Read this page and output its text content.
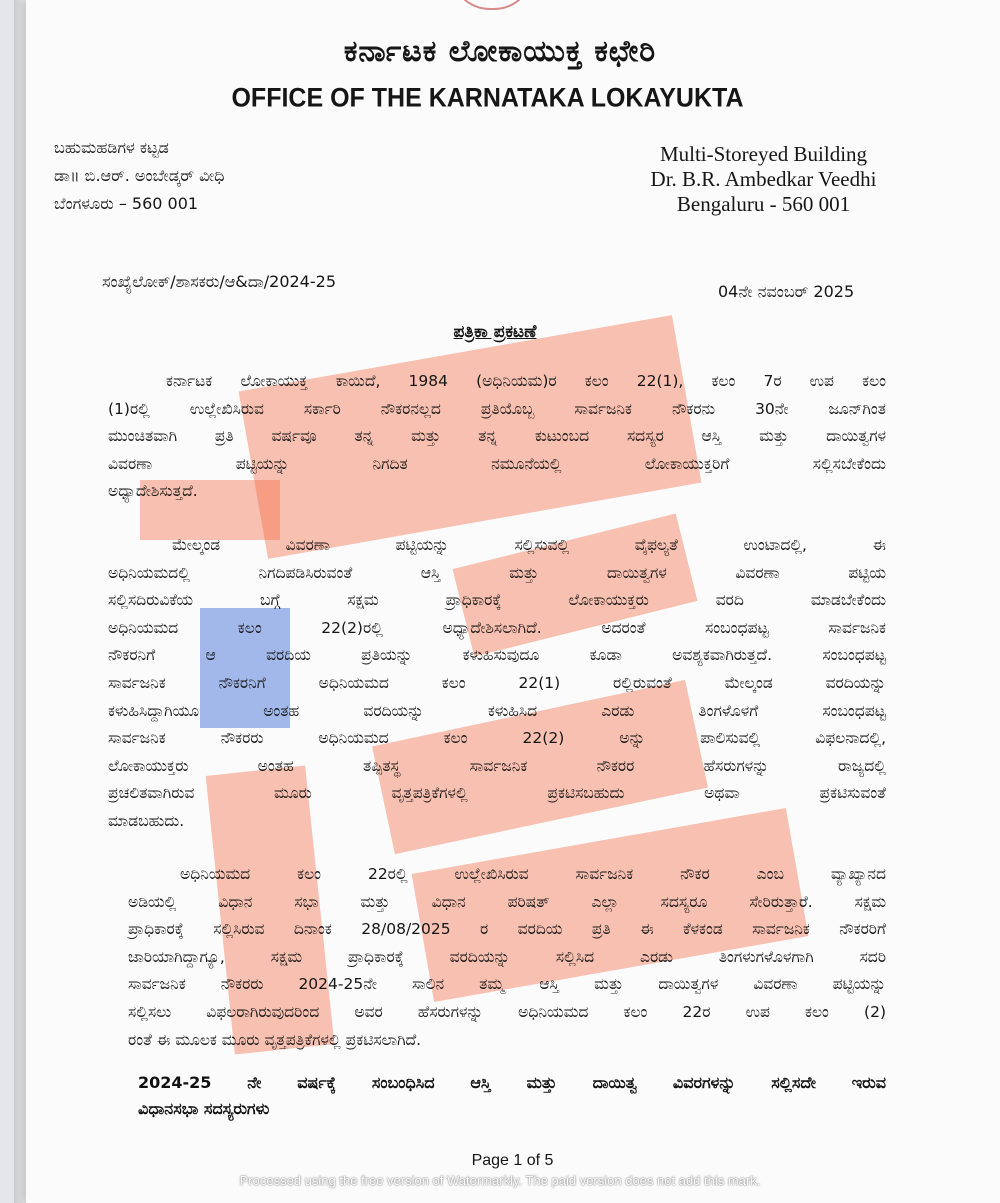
ಕರ್ನಾಟಕ ಲೋಕಾಯುಕ್ತ ಕಛೇರಿ
OFFICE OF THE KARNATAKA LOKAYUKTA
ಬಹುಮಹಡಿಗಳ ಕಟ್ಟಡ
ಡಾ॥ ಬಿ.ಆರ್. ಅಂಬೇಡ್ಕರ್ ವೀಧಿ
ಬೆಂಗಳೂರು – 560 001
Multi-Storeyed Building
Dr. B.R. Ambedkar Veedhi
Bengaluru - 560 001
ಸಂಖ್ಯೆಲೋಕ್/ಶಾಸಕರು/ಆ&ದಾ/2024-25
04ನೇ ನವಂಬರ್ 2025
ಪತ್ರಿಕಾ ಪ್ರಕಟಣೆ
ಕರ್ನಾಟಕ ಲೋಕಾಯುಕ್ತ ಕಾಯಿದೆ, 1984 (ಅಧಿನಿಯಮ)ರ ಕಲಂ 22(1), ಕಲಂ 7ರ ಉಪ ಕಲಂ
(1)ರಲ್ಲಿ ಉಲ್ಲೇಖಿಸಿರುವ ಸರ್ಕಾರಿ ನೌಕರನಲ್ಲದ ಪ್ರತಿಯೊಬ್ಬ ಸಾರ್ವಜನಿಕ ನೌಕರನು 30ನೇ ಜೂನ್‌ಗಿಂತ
ಮುಂಚಿತವಾಗಿ ಪ್ರತಿ ವರ್ಷವೂ ತನ್ನ ಮತ್ತು ತನ್ನ ಕುಟುಂಬದ ಸದಸ್ಯರ ಆಸ್ತಿ ಮತ್ತು ದಾಯಿತ್ವಗಳ
ವಿವರಣಾ ಪಟ್ಟಿಯನ್ನು ನಿಗದಿತ ನಮೂನೆಯಲ್ಲಿ ಲೋಕಾಯುಕ್ತರಿಗೆ ಸಲ್ಲಿಸಬೇಕೆಂದು
ಅಧ್ಯಾದೇಶಿಸುತ್ತದೆ.
ಮೇಲ್ಕಂಡ ವಿವರಣಾ ಪಟ್ಟಿಯನ್ನು ಸಲ್ಲಿಸುವಲ್ಲಿ ವೈಫಲ್ಯತೆ ಉಂಟಾದಲ್ಲಿ, ಈ
ಅಧಿನಿಯಮದಲ್ಲಿ ನಿಗದಿಪಡಿಸಿರುವಂತೆ ಆಸ್ತಿ ಮತ್ತು ದಾಯಿತ್ವಗಳ ವಿವರಣಾ ಪಟ್ಟಿಯ
ಸಲ್ಲಿಸದಿರುವಿಕೆಯ ಬಗ್ಗೆ ಸಕ್ಷಮ ಪ್ರಾಧಿಕಾರಕ್ಕೆ ಲೋಕಾಯುಕ್ತರು ವರದಿ ಮಾಡಬೇಕೆಂದು
ಅಧಿನಿಯಮದ ಕಲಂ 22(2)ರಲ್ಲಿ ಅಧ್ಯಾದೇಶಿಸಲಾಗಿದೆ. ಅದರಂತೆ ಸಂಬಂಧಪಟ್ಟ ಸಾರ್ವಜನಿಕ
ನೌಕರನಿಗೆ ಆ ವರದಿಯ ಪ್ರತಿಯನ್ನು ಕಳುಹಿಸುವುದೂ ಕೂಡಾ ಅವಶ್ಯಕವಾಗಿರುತ್ತದೆ. ಸಂಬಂಧಪಟ್ಟ
ಸಾರ್ವಜನಿಕ ನೌಕರನಿಗೆ ಅಧಿನಿಯಮದ ಕಲಂ 22(1) ರಲ್ಲಿರುವಂತೆ ಮೇಲ್ಕಂಡ ವರದಿಯನ್ನು
ಕಳುಹಿಸಿದ್ದಾಗಿಯೂ ಅಂತಹ ವರದಿಯನ್ನು ಕಳುಹಿಸಿದ ಎರಡು ತಿಂಗಳೊಳಗೆ ಸಂಬಂಧಪಟ್ಟ
ಸಾರ್ವಜನಿಕ ನೌಕರರು ಅಧಿನಿಯಮದ ಕಲಂ 22(2) ಅನ್ನು ಪಾಲಿಸುವಲ್ಲಿ ವಿಫಲನಾದಲ್ಲಿ,
ಲೋಕಾಯುಕ್ತರು ಅಂತಹ ತಪ್ಪಿತಸ್ಥ ಸಾರ್ವಜನಿಕ ನೌಕರರ ಹೆಸರುಗಳನ್ನು ರಾಜ್ಯದಲ್ಲಿ
ಪ್ರಚಲಿತವಾಗಿರುವ ಮೂರು ವೃತ್ತಪತ್ರಿಕೆಗಳಲ್ಲಿ ಪ್ರಕಟಿಸಬಹುದು ಅಥವಾ ಪ್ರಕಟಿಸುವಂತೆ
ಮಾಡಬಹುದು.
ಅಧಿನಿಯಮದ ಕಲಂ 22ರಲ್ಲಿ ಉಲ್ಲೇಖಿಸಿರುವ ಸಾರ್ವಜನಿಕ ನೌಕರ ಎಂಬ ವ್ಯಾಖ್ಯಾನದ
ಅಡಿಯಲ್ಲಿ ವಿಧಾನ ಸಭಾ ಮತ್ತು ವಿಧಾನ ಪರಿಷತ್ ಎಲ್ಲಾ ಸದಸ್ಯರೂ ಸೇರಿರುತ್ತಾರೆ. ಸಕ್ಷಮ
ಪ್ರಾಧಿಕಾರಕ್ಕೆ ಸಲ್ಲಿಸಿರುವ ದಿನಾಂಕ 28/08/2025 ರ ವರದಿಯ ಪ್ರತಿ ಈ ಕೆಳಕಂಡ ಸಾರ್ವಜನಿಕ ನೌಕರರಿಗೆ
ಜಾರಿಯಾಗಿದ್ದಾಗ್ಯೂ, ಸಕ್ಷಮ ಪ್ರಾಧಿಕಾರಕ್ಕೆ ವರದಿಯನ್ನು ಸಲ್ಲಿಸಿದ ಎರಡು ತಿಂಗಳುಗಳೊಳಗಾಗಿ ಸದರಿ
ಸಾರ್ವಜನಿಕ ನೌಕರರು 2024-25ನೇ ಸಾಲಿನ ತಮ್ಮ ಆಸ್ತಿ ಮತ್ತು ದಾಯಿತ್ವಗಳ ವಿವರಣಾ ಪಟ್ಟಿಯನ್ನು
ಸಲ್ಲಿಸಲು ವಿಫಲರಾಗಿರುವುದರಿಂದ ಅವರ ಹೆಸರುಗಳನ್ನು ಅಧಿನಿಯಮದ ಕಲಂ 22ರ ಉಪ ಕಲಂ (2)
ರಂತೆ ಈ ಮೂಲಕ ಮೂರು ವೃತ್ತಪತ್ರಿಕೆಗಳಲ್ಲಿ ಪ್ರಕಟಿಸಲಾಗಿದೆ.
2024-25 ನೇ ವರ್ಷಕ್ಕೆ ಸಂಬಂಧಿಸಿದ ಆಸ್ತಿ ಮತ್ತು ದಾಯಿತ್ವ ವಿವರಗಳನ್ನು ಸಲ್ಲಿಸದೇ ಇರುವ
ವಿಧಾನಸಭಾ ಸದಸ್ಯರುಗಳು
Page 1 of 5
Processed using the free version of Watermarkly. The paid version does not add this mark.
